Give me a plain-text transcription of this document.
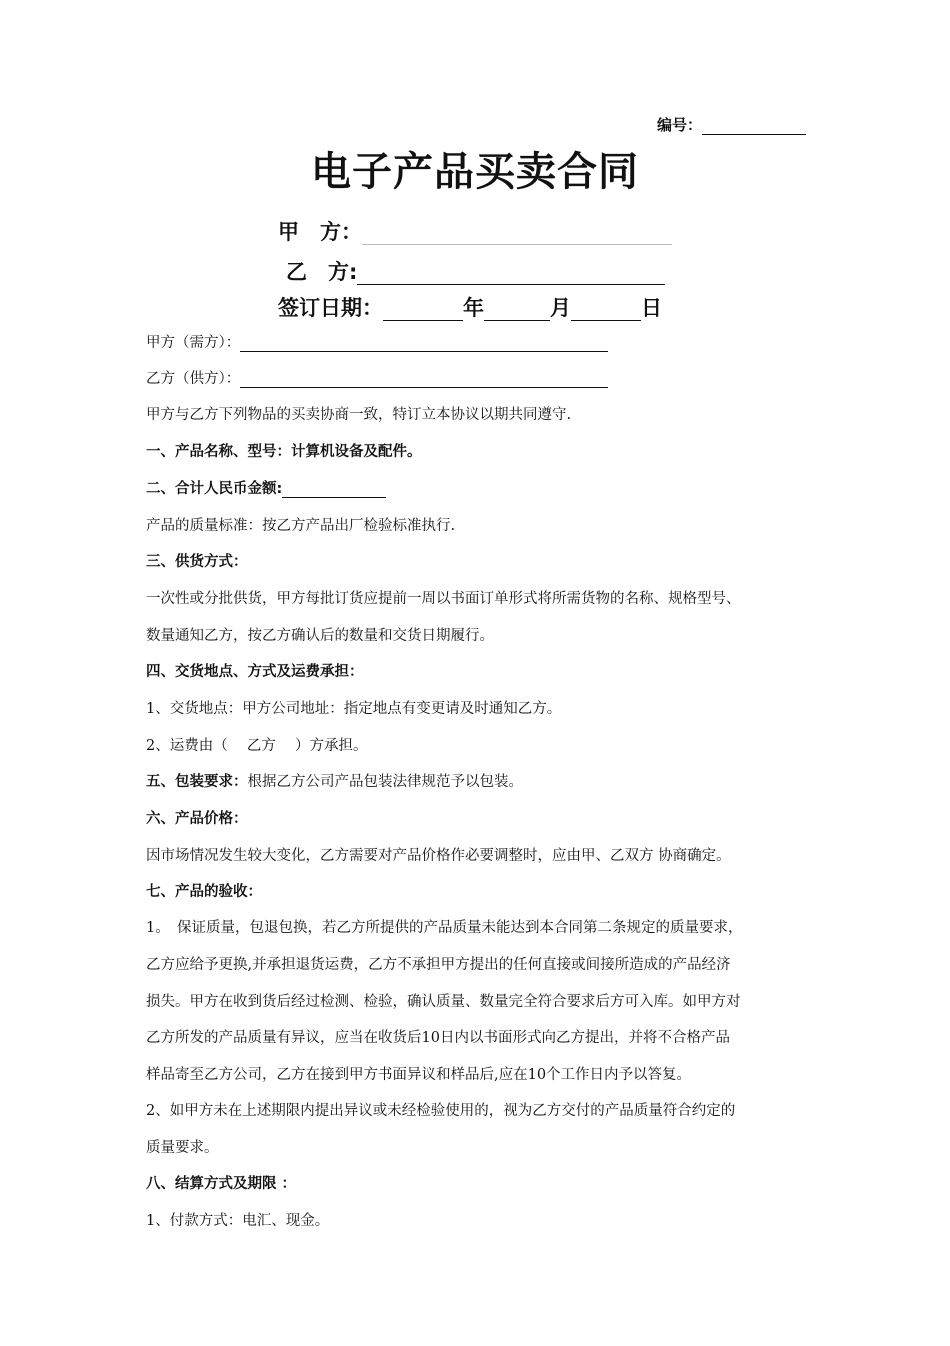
编号：
电子产品买卖合同
甲　方：
乙　方:
签订日期：	年	月	日
甲方（需方）：
乙方（供方）：
甲方与乙方下列物品的买卖协商一致，特订立本协议以期共同遵守.
一、产品名称、型号：计算机设备及配件。
二、合计人民币金额:
产品的质量标准：按乙方产品出厂检验标准执行.
三、供货方式：
一次性或分批供货，甲方每批订货应提前一周以书面订单形式将所需货物的名称、规格型号、
数量通知乙方，按乙方确认后的数量和交货日期履行。
四、交货地点、方式及运费承担：
1、交货地点：甲方公司地址：指定地点有变更请及时通知乙方。
2、运费由（　 乙方　 ）方承担。
五、包装要求：根据乙方公司产品包装法律规范予以包装。
六、产品价格：
因市场情况发生较大变化，乙方需要对产品价格作必要调整时，应由甲、乙双方 协商确定。
七、产品的验收：
1。　保证质量，包退包换，若乙方所提供的产品质量未能达到本合同第二条规定的质量要求，
乙方应给予更换,并承担退货运费，乙方不承担甲方提出的任何直接或间接所造成的产品经济
损失。甲方在收到货后经过检测、检验，确认质量、数量完全符合要求后方可入库。如甲方对
乙方所发的产品质量有异议，应当在收货后10日内以书面形式向乙方提出，并将不合格产品
样品寄至乙方公司，乙方在接到甲方书面异议和样品后,应在10个工作日内予以答复。
2、如甲方未在上述期限内提出异议或未经检验使用的，视为乙方交付的产品质量符合约定的
质量要求。
八、结算方式及期限 ：
1、付款方式：电汇、现金。
